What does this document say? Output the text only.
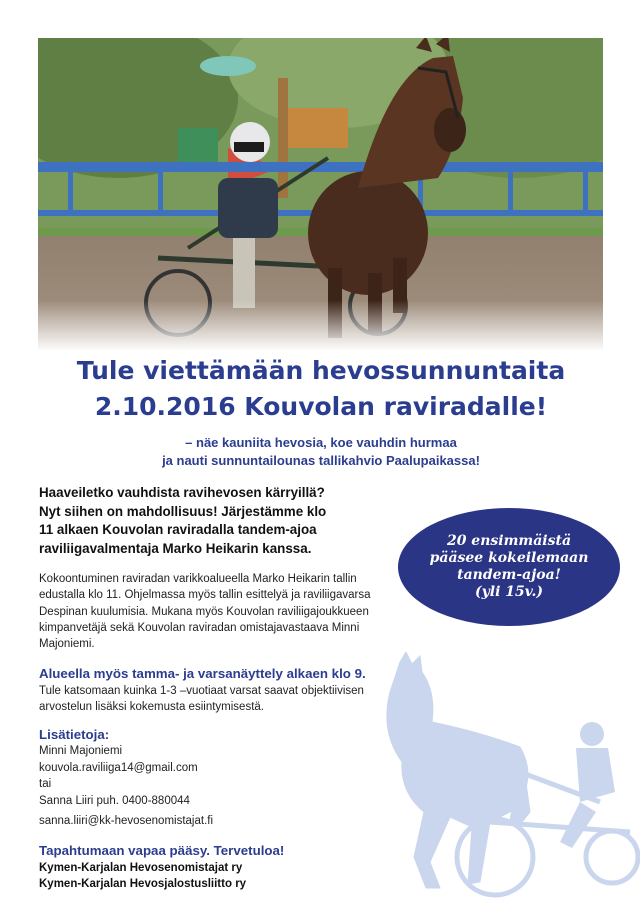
Tule viettämään hevossunnuntaita
2.10.2016 Kouvolan raviradalle!
– näe kauniita hevosia, koe vauhdin hurmaa
ja nauti sunnuntailounas tallikahvio Paalupaikassa!
Haaveiletko vauhdista ravihevosen kärryillä?
Nyt siihen on mahdollisuus! Järjestämme klo
11 alkaen Kouvolan raviradalla tandem-ajoa
raviliigavalmentaja Marko Heikarin kanssa.
Kokoontuminen raviradan varikkoalueella Marko Heikarin tallin
edustalla klo 11. Ohjelmassa myös tallin esittelyä ja raviliigavarsa
Despinan kuulumisia. Mukana myös Kouvolan raviliigajoukkueen
kimpanvetäjä sekä Kouvolan raviradan omistajavastaava Minni
Majoniemi.
20 ensimmäistä
pääsee kokeilemaan
tandem-ajoa!
(yli 15v.)
Alueella myös tamma- ja varsanäyttely alkaen klo 9.
Tule katsomaan kuinka 1-3 –vuotiaat varsat saavat objektiivisen
arvostelun lisäksi kokemusta esiintymisestä.
Lisätietoja:
Minni Majoniemi
kouvola.raviliiga14@gmail.com
tai
Sanna Liiri puh. 0400-880044
sanna.liiri@kk-hevosenomistajat.fi
Tapahtumaan vapaa pääsy. Tervetuloa!
Kymen-Karjalan Hevosenomistajat ry
Kymen-Karjalan Hevosjalostusliitto ry
